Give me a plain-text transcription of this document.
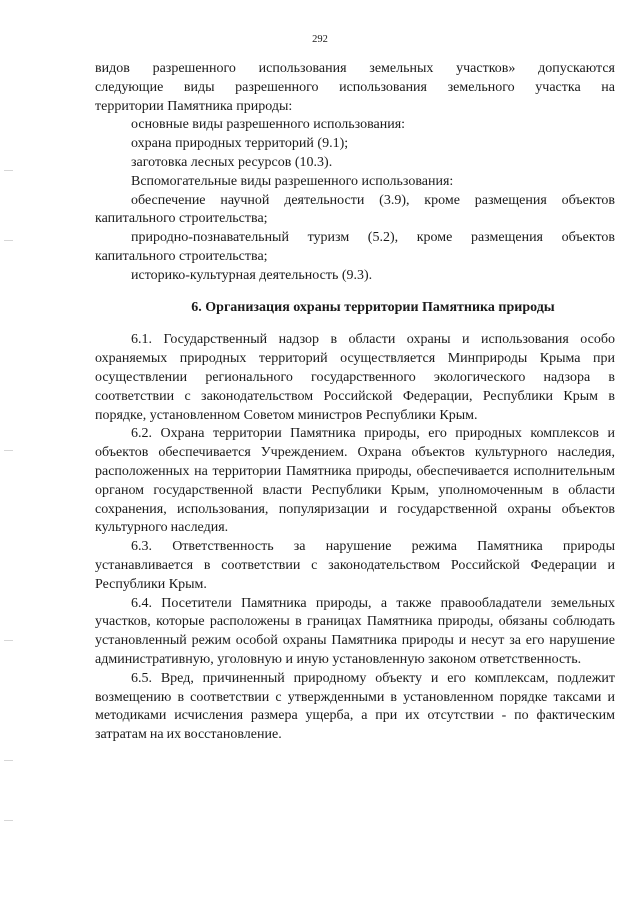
292

видов разрешенного использования земельных участков» допускаются

следующие виды разрешенного использования земельного участка на

территории Памятника природы:

основные виды разрешенного использования:

охрана природных территорий (9.1);

заготовка лесных ресурсов (10.3).

Вспомогательные виды разрешенного использования:

обеспечение научной деятельности (3.9), кроме размещения объектов капитального строительства;

природно-познавательный туризм (5.2), кроме размещения объектов капитального строительства;

историко-культурная деятельность (9.3).

6. Организация охраны территории Памятника природы

6.1. Государственный надзор в области охраны и использования особо охраняемых природных территорий осуществляется Минприроды Крыма при осуществлении регионального государственного экологического надзора в соответствии с законодательством Российской Федерации, Республики Крым в порядке, установленном Советом министров Республики Крым.

6.2. Охрана территории Памятника природы, его природных комплексов и объектов обеспечивается Учреждением. Охрана объектов культурного наследия, расположенных на территории Памятника природы, обеспечивается исполнительным органом государственной власти Республики Крым, уполномоченным в области сохранения, использования, популяризации и государственной охраны объектов культурного наследия.

6.3. Ответственность за нарушение режима Памятника природы устанавливается в соответствии с законодательством Российской Федерации и Республики Крым.

6.4. Посетители Памятника природы, а также правообладатели земельных участков, которые расположены в границах Памятника природы, обязаны соблюдать установленный режим особой охраны Памятника природы и несут за его нарушение административную, уголовную и иную установленную законом ответственность.

6.5. Вред, причиненный природному объекту и его комплексам, подлежит возмещению в соответствии с утвержденными в установленном порядке таксами и методиками исчисления размера ущерба, а при их отсутствии - по фактическим затратам на их восстановление.
